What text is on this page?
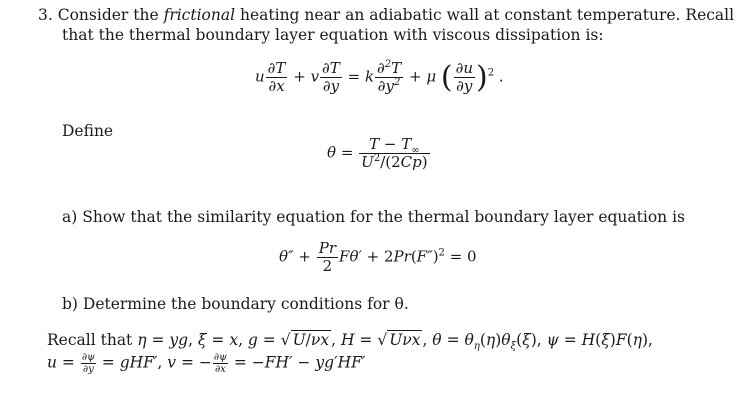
3. Consider the frictional heating near an adiabatic wall at constant temperature. Recall
that the thermal boundary layer equation with viscous dissipation is:
u $\frac{\partial T}{\partial x} + v \frac{\partial T}{\partial y} = k \frac{\partial^2T}{\partial y^2} + \mu$ ( $\frac{\partial u}{\partial y} )^2$ .
Define
$\theta = \frac{T - T_\infty}{U^2/(2Cp)}$
a) Show that the similarity equation for the thermal boundary layer equation is
$\theta'' + \frac{Pr}{2} F\theta' + 2Pr(F'')^2 = 0$
b) Determine the boundary conditions for θ.
Recall that η = yg, ξ = x, g = √ U/νx , H = √ Uνx , $\theta = \theta_\eta(\eta)\theta_\xi(\xi)$, ψ = H(ξ)F(η),
$u = \frac{\partial\psi}{\partial y} = gHF'$, v = − $\frac{\partial\psi}{\partial x} = -FH' - yg'HF'$
